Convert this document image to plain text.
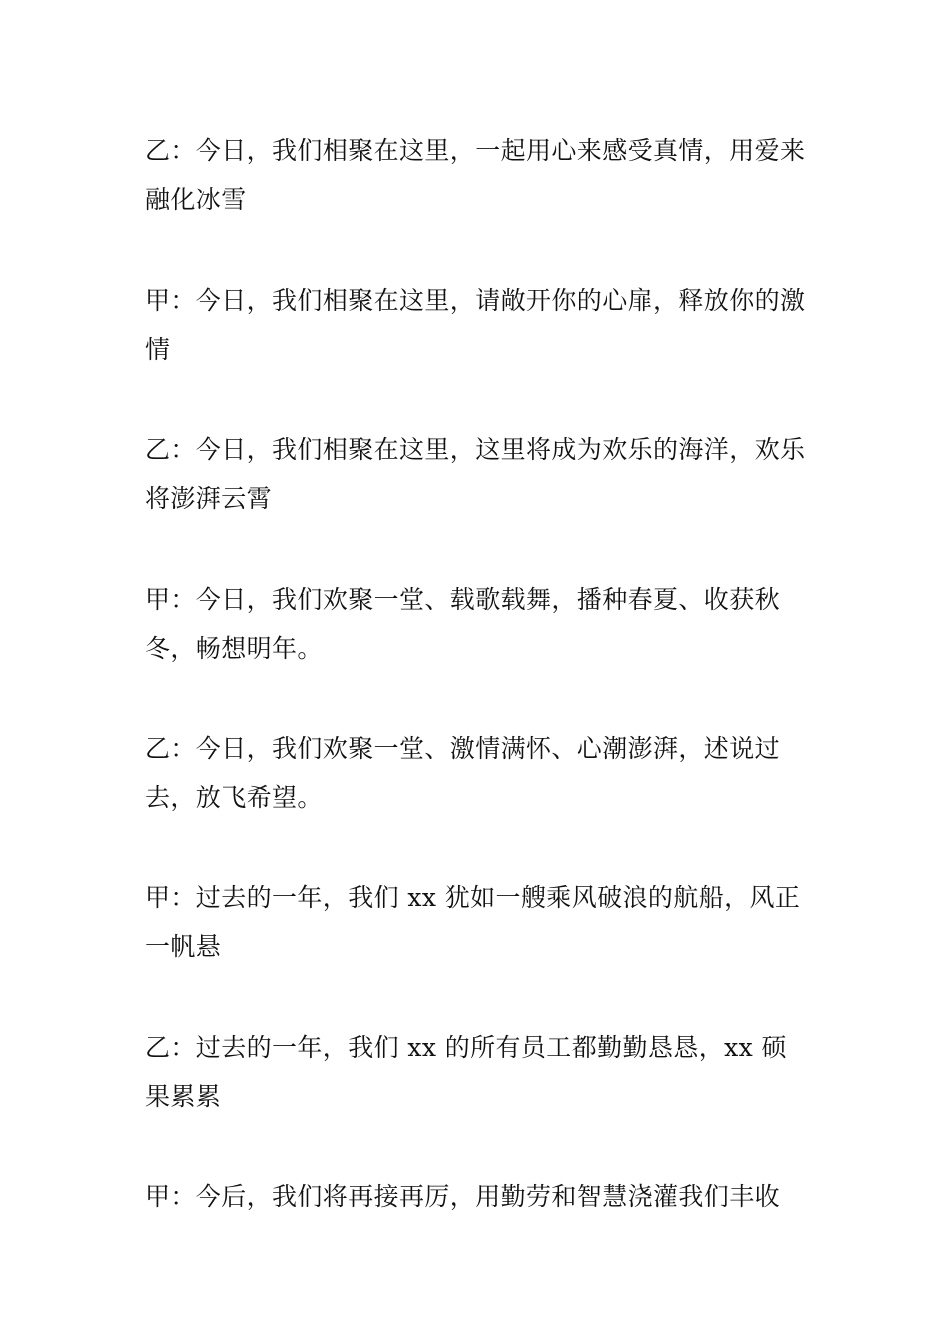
乙：今日，我们相聚在这里，一起用心来感受真情，用爱来融化冰雪

甲：今日，我们相聚在这里，请敞开你的心扉，释放你的激情

乙：今日，我们相聚在这里，这里将成为欢乐的海洋，欢乐将澎湃云霄

甲：今日，我们欢聚一堂、载歌载舞，播种春夏、收获秋冬，畅想明年。

乙：今日，我们欢聚一堂、激情满怀、心潮澎湃，述说过去，放飞希望。

甲：过去的一年，我们 xx 犹如一艘乘风破浪的航船，风正一帆悬

乙：过去的一年，我们 xx 的所有员工都勤勤恳恳，xx 硕果累累

甲：今后，我们将再接再厉，用勤劳和智慧浇灌我们丰收
